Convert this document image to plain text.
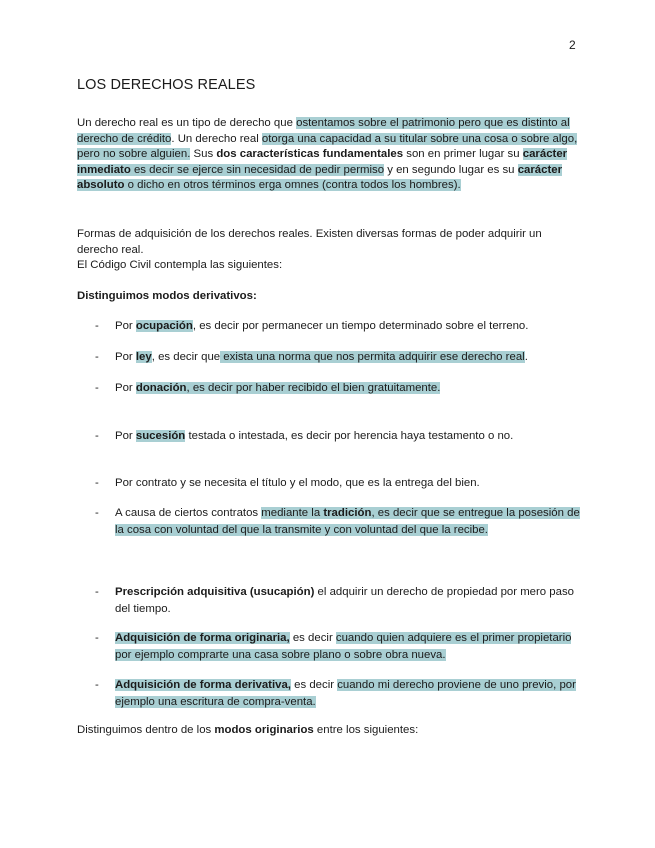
2
LOS DERECHOS REALES

Un derecho real es un tipo de derecho que ostentamos sobre el patrimonio pero que es distinto al derecho de crédito. Un derecho real otorga una capacidad a su titular sobre una cosa o sobre algo, pero no sobre alguien. Sus dos características fundamentales son en primer lugar su carácter inmediato es decir se ejerce sin necesidad de pedir permiso y en segundo lugar es su carácter absoluto o dicho en otros términos erga omnes (contra todos los hombres).

Formas de adquisición de los derechos reales. Existen diversas formas de poder adquirir un derecho real.
El Código Civil contempla las siguientes:

Distinguimos modos derivativos:

-	Por ocupación, es decir por permanecer un tiempo determinado sobre el terreno.
-	Por ley, es decir que exista una norma que nos permita adquirir ese derecho real.
-	Por donación, es decir por haber recibido el bien gratuitamente.
-	Por sucesión testada o intestada, es decir por herencia haya testamento o no.
-	Por contrato y se necesita el título y el modo, que es la entrega del bien.
-	A causa de ciertos contratos mediante la tradición, es decir que se entregue la posesión de la cosa con voluntad del que la transmite y con voluntad del que la recibe.
-	Prescripción adquisitiva (usucapión) el adquirir un derecho de propiedad por mero paso del tiempo.
-	Adquisición de forma originaria, es decir cuando quien adquiere es el primer propietario por ejemplo comprarte una casa sobre plano o sobre obra nueva.
-	Adquisición de forma derivativa, es decir cuando mi derecho proviene de uno previo, por ejemplo una escritura de compra-venta.

Distinguimos dentro de los modos originarios entre los siguientes:
